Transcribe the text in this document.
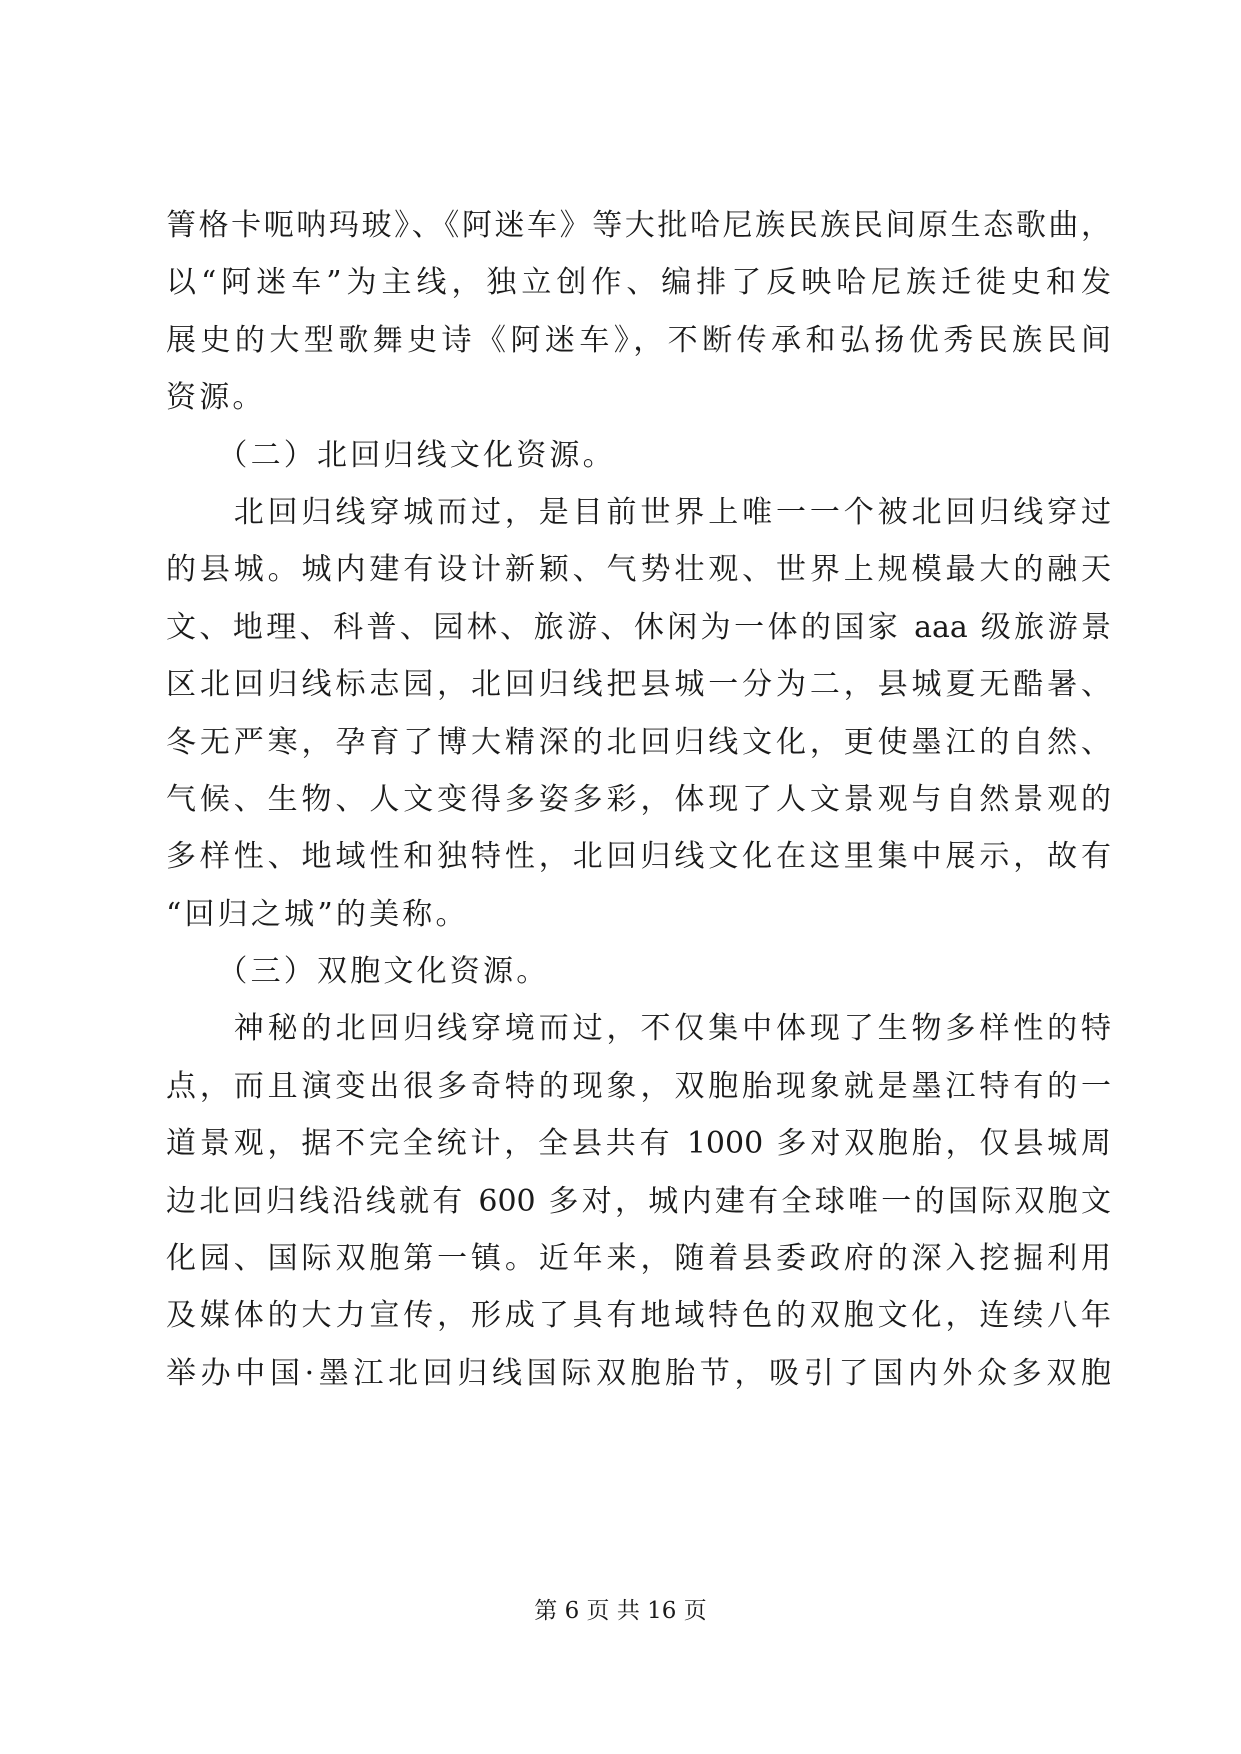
箐格卡呃呐玛玻》、《阿迷车》等大批哈尼族民族民间原生态歌曲，
以“阿迷车”为主线，独立创作、编排了反映哈尼族迁徙史和发
展史的大型歌舞史诗《阿迷车》，不断传承和弘扬优秀民族民间
资源。
　　（二）北回归线文化资源。
　　北回归线穿城而过，是目前世界上唯一一个被北回归线穿过
的县城。城内建有设计新颖、气势壮观、世界上规模最大的融天
文、地理、科普、园林、旅游、休闲为一体的国家 aaa 级旅游景
区北回归线标志园，北回归线把县城一分为二，县城夏无酷暑、
冬无严寒，孕育了博大精深的北回归线文化，更使墨江的自然、
气候、生物、人文变得多姿多彩，体现了人文景观与自然景观的
多样性、地域性和独特性，北回归线文化在这里集中展示，故有
“回归之城”的美称。
　　（三）双胞文化资源。
　　神秘的北回归线穿境而过，不仅集中体现了生物多样性的特
点，而且演变出很多奇特的现象，双胞胎现象就是墨江特有的一
道景观，据不完全统计，全县共有 1000 多对双胞胎，仅县城周
边北回归线沿线就有 600 多对，城内建有全球唯一的国际双胞文
化园、国际双胞第一镇。近年来，随着县委政府的深入挖掘利用
及媒体的大力宣传，形成了具有地域特色的双胞文化，连续八年
举办中国·墨江北回归线国际双胞胎节，吸引了国内外众多双胞
第 6 页 共 16 页
